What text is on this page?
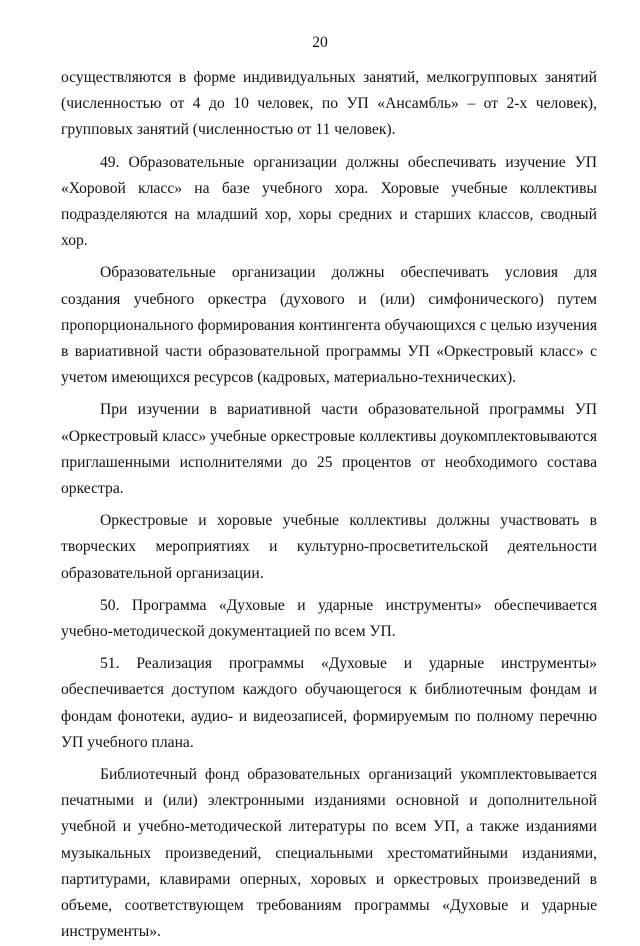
20

осуществляются в форме индивидуальных занятий, мелкогрупповых занятий (численностью от 4 до 10 человек, по УП «Ансамбль» – от 2-х человек), групповых занятий (численностью от 11 человек).

49. Образовательные организации должны обеспечивать изучение УП «Хоровой класс» на базе учебного хора. Хоровые учебные коллективы подразделяются на младший хор, хоры средних и старших классов, сводный хор.

Образовательные организации должны обеспечивать условия для создания учебного оркестра (духового и (или) симфонического) путем пропорционального формирования контингента обучающихся с целью изучения в вариативной части образовательной программы УП «Оркестровый класс» с учетом имеющихся ресурсов (кадровых, материально-технических).

При изучении в вариативной части образовательной программы УП «Оркестровый класс» учебные оркестровые коллективы доукомплектовываются приглашенными исполнителями до 25 процентов от необходимого состава оркестра.

Оркестровые и хоровые учебные коллективы должны участвовать в творческих мероприятиях и культурно-просветительской деятельности образовательной организации.

50. Программа «Духовые и ударные инструменты» обеспечивается учебно-методической документацией по всем УП.

51. Реализация программы «Духовые и ударные инструменты» обеспечивается доступом каждого обучающегося к библиотечным фондам и фондам фонотеки, аудио- и видеозаписей, формируемым по полному перечню УП учебного плана.

Библиотечный фонд образовательных организаций укомплектовывается печатными и (или) электронными изданиями основной и дополнительной учебной и учебно-методической литературы по всем УП, а также изданиями музыкальных произведений, специальными хрестоматийными изданиями, партитурами, клавирами оперных, хоровых и оркестровых произведений в объеме, соответствующем требованиям программы «Духовые и ударные инструменты».
